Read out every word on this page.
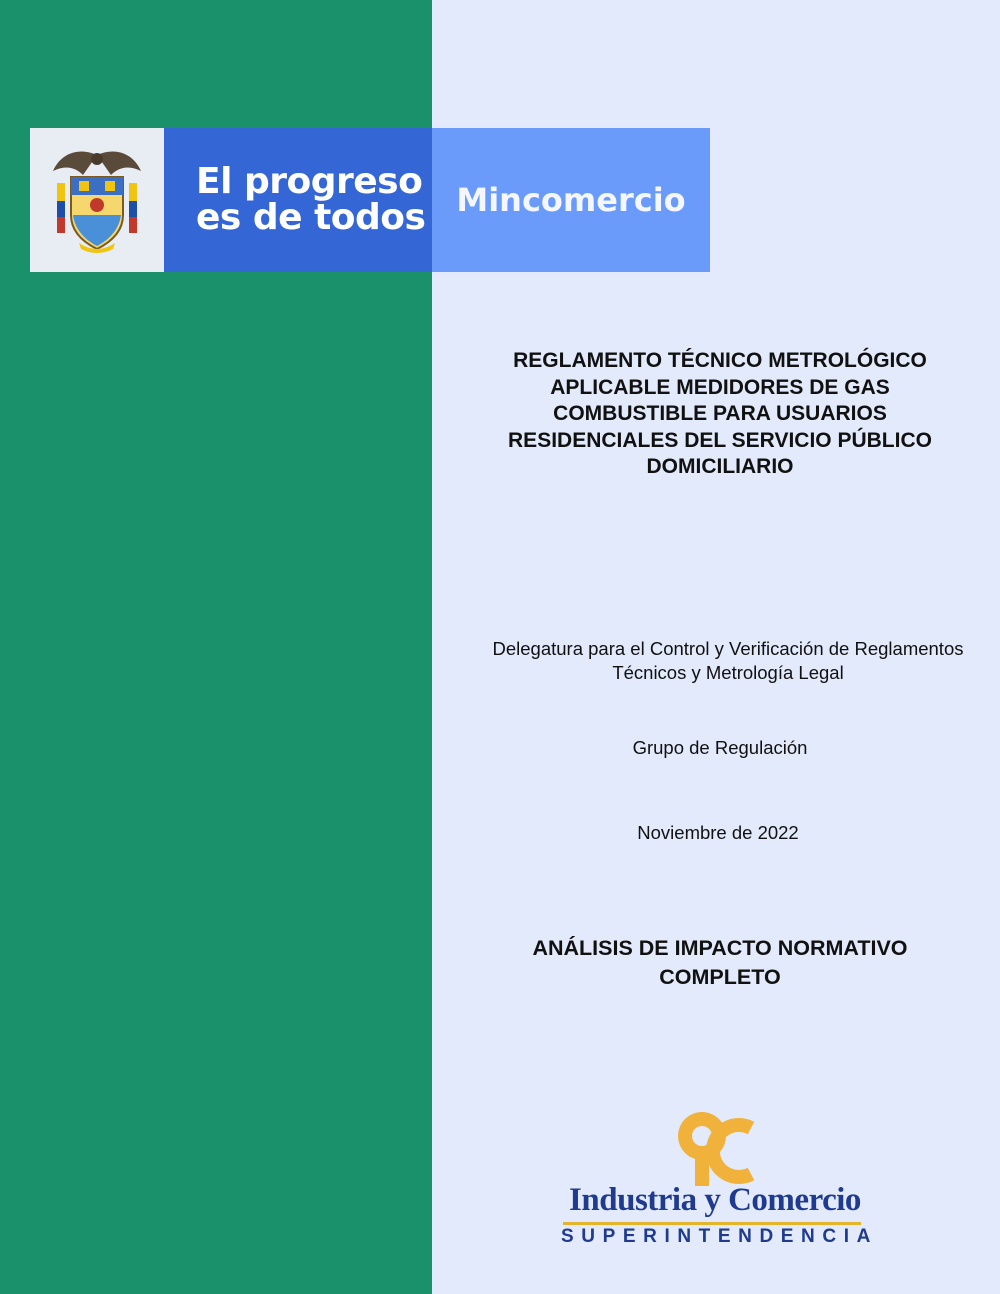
El progreso
es de todos Mincomercio
REGLAMENTO TÉCNICO METROLÓGICO
APLICABLE MEDIDORES DE GAS
COMBUSTIBLE PARA USUARIOS
RESIDENCIALES DEL SERVICIO PÚBLICO
DOMICILIARIO
Delegatura para el Control y Verificación de Reglamentos
Técnicos y Metrología Legal
Grupo de Regulación
Noviembre de 2022
ANÁLISIS DE IMPACTO NORMATIVO
COMPLETO
Industria y Comercio
SUPERINTENDENCIA
